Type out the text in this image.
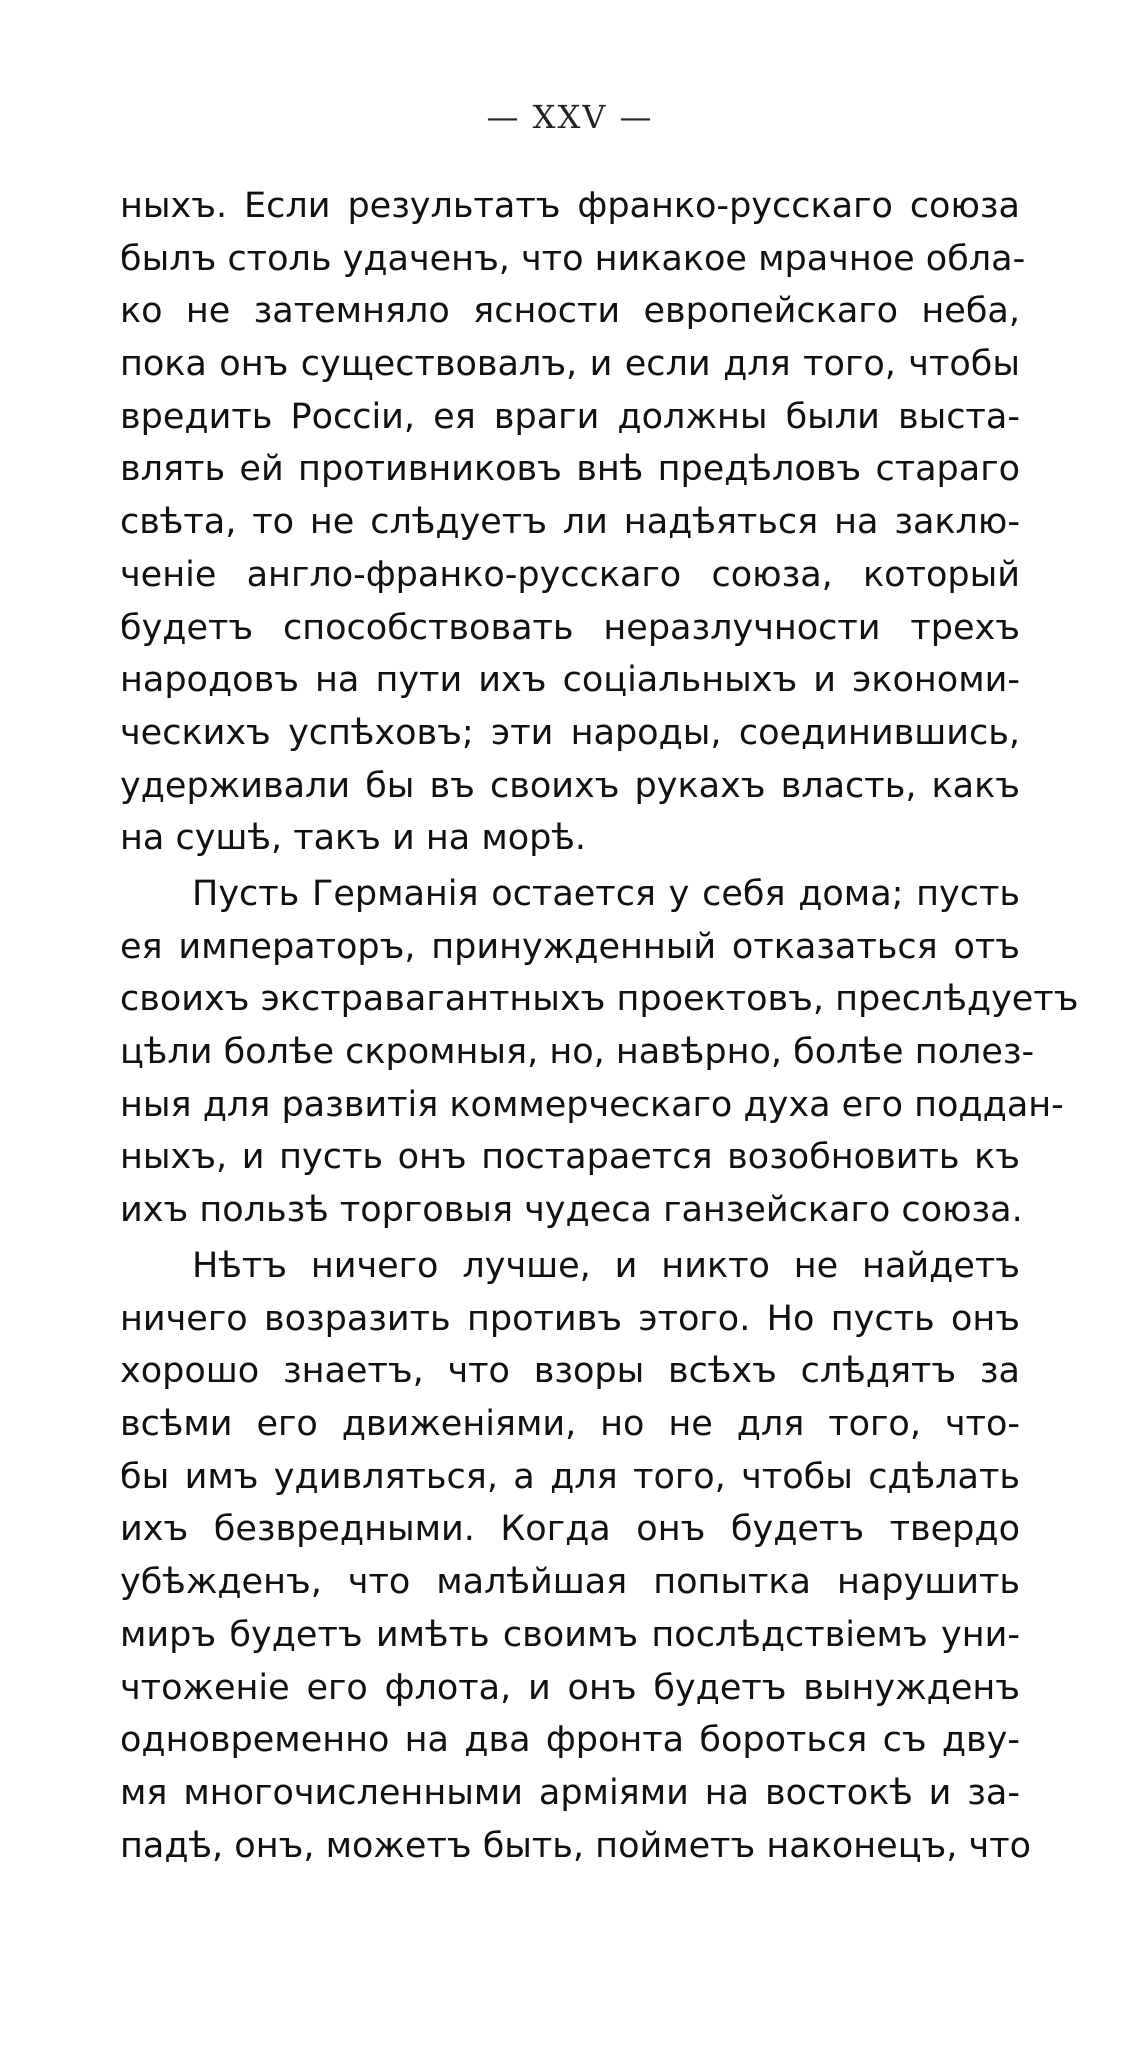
— XXV —
ныхъ. Если результатъ франко-русскаго союза
былъ столь удаченъ, что никакое мрачное обла-
ко не затемняло ясности европейскаго неба,
пока онъ существовалъ, и если для того, чтобы
вредить Россіи, ея враги должны были выста-
влять ей противниковъ внѣ предѣловъ стараго
свѣта, то не слѣдуетъ ли надѣяться на заклю-
ченіе англо-франко-русскаго союза, который
будетъ способствовать неразлучности трехъ
народовъ на пути ихъ соціальныхъ и экономи-
ческихъ успѣховъ; эти народы, соединившись,
удерживали бы въ своихъ рукахъ власть, какъ
на сушѣ, такъ и на морѣ.
Пусть Германія остается у себя дома; пусть
ея императоръ, принужденный отказаться отъ
своихъ экстравагантныхъ проектовъ, преслѣдуетъ
цѣли болѣе скромныя, но, навѣрно, болѣе полез-
ныя для развитія коммерческаго духа его поддан-
ныхъ, и пусть онъ постарается возобновить къ
ихъ пользѣ торговыя чудеса ганзейскаго союза.
Нѣтъ ничего лучше, и никто не найдетъ
ничего возразить противъ этого. Но пусть онъ
хорошо знаетъ, что взоры всѣхъ слѣдятъ за
всѣми его движеніями, но не для того, что-
бы имъ удивляться, а для того, чтобы сдѣлать
ихъ безвредными. Когда онъ будетъ твердо
убѣжденъ, что малѣйшая попытка нарушить
миръ будетъ имѣть своимъ послѣдствіемъ уни-
чтоженіе его флота, и онъ будетъ вынужденъ
одновременно на два фронта бороться съ дву-
мя многочисленными арміями на востокѣ и за-
падѣ, онъ, можетъ быть, пойметъ наконецъ, что
